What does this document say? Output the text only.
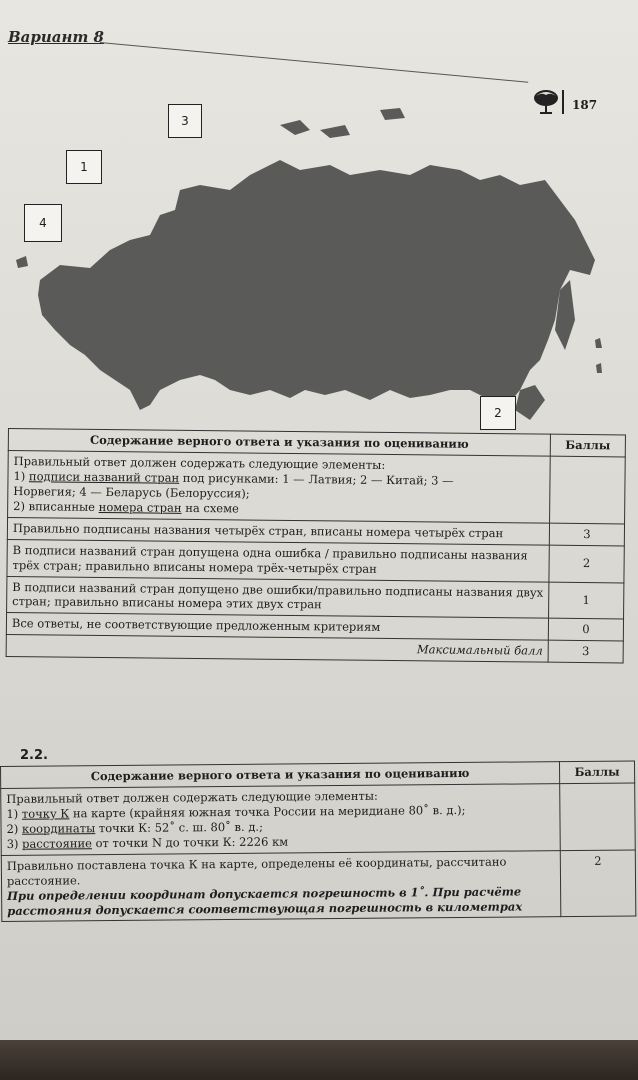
Вариант 8
187
3
1
4
2
Содержание верного ответа и указания по оцениванию	Баллы

Правильный ответ должен содержать следующие элементы:
1) подписи названий стран под рисунками: 1 — Латвия; 2 — Китай; 3 —
Норвегия; 4 — Беларусь (Белоруссия);
2) вписанные номера стран на схеме	

Правильно подписаны названия четырёх стран, вписаны номера четырёх стран	3
В подписи названий стран допущена одна ошибка / правильно подписаны названия трёх стран; правильно вписаны номера трёх-четырёх стран	2
В подписи названий стран допущено две ошибки/правильно подписаны названия двух стран; правильно вписаны номера этих двух стран	1
Все ответы, не соответствующие предложенным критериям	0
Максимальный балл	3
2.2.
Содержание верного ответа и указания по оцениванию	Баллы

Правильный ответ должен содержать следующие элементы:
1) точку К на карте (крайняя южная точка России на меридиане 80˚ в. д.);
2) координаты точки К: 52˚ с. ш. 80˚ в. д.;
3) расстояние от точки N до точки К: 2226 км	

Правильно поставлена точка К на карте, определены её координаты, рассчитано расстояние.
При определении координат допускается погрешность в 1˚. При расчёте расстояния допускается соответствующая погрешность в километрах	2
